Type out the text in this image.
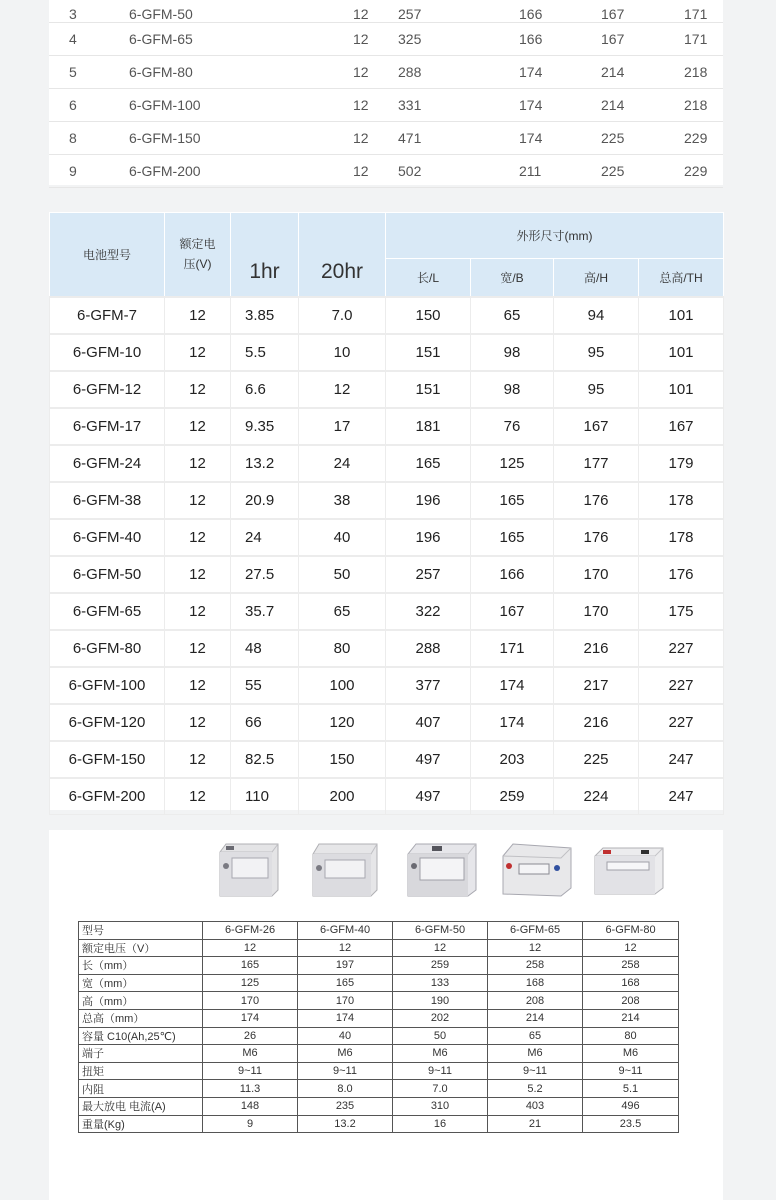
3	6-GFM-50	12	257	166	167	171
4	6-GFM-65	12	325	166	167	171
5	6-GFM-80	12	288	174	214	218
6	6-GFM-100	12	331	174	214	218
8	6-GFM-150	12	471	174	225	229
9	6-GFM-200	12	502	211	225	229
电池型号	额定电压(V)	1hr	20hr	外形尺寸(mm)			
				长/L	宽/B	高/H	总高/TH
6-GFM-7	12	3.85	7.0	150	65	94	101
6-GFM-10	12	5.5	10	151	98	95	101
6-GFM-12	12	6.6	12	151	98	95	101
6-GFM-17	12	9.35	17	181	76	167	167
6-GFM-24	12	13.2	24	165	125	177	179
6-GFM-38	12	20.9	38	196	165	176	178
6-GFM-40	12	24	40	196	165	176	178
6-GFM-50	12	27.5	50	257	166	170	176
6-GFM-65	12	35.7	65	322	167	170	175
6-GFM-80	12	48	80	288	171	216	227
6-GFM-100	12	55	100	377	174	217	227
6-GFM-120	12	66	120	407	174	216	227
6-GFM-150	12	82.5	150	497	203	225	247
6-GFM-200	12	110	200	497	259	224	247
型号	6-GFM-26	6-GFM-40	6-GFM-50	6-GFM-65	6-GFM-80
额定电压（V）	12	12	12	12	12
长（mm）	165	197	259	258	258
宽（mm）	125	165	133	168	168
高（mm）	170	170	190	208	208
总高（mm）	174	174	202	214	214
容量 C10(Ah,25℃)	26	40	50	65	80
端子	M6	M6	M6	M6	M6
扭矩	9~11	9~11	9~11	9~11	9~11
内阻	11.3	8.0	7.0	5.2	5.1
最大放电 电流(A)	148	235	310	403	496
重量(Kg)	9	13.2	16	21	23.5
